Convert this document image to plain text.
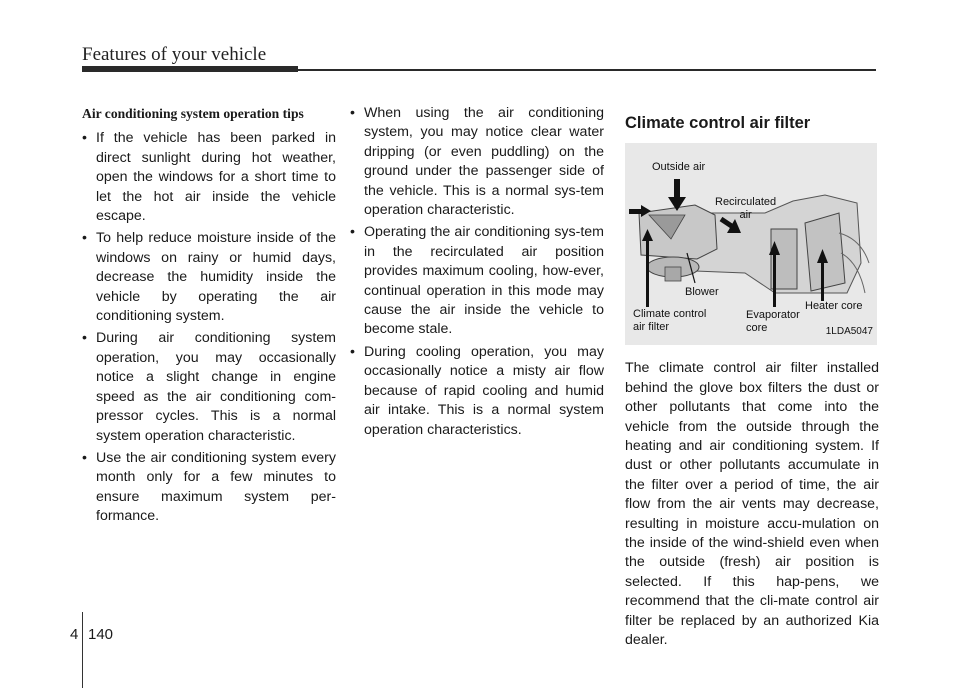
Features of your vehicle
Air conditioning system operation tips
• If the vehicle has been parked in direct sunlight during hot weather, open the windows for a short time to let the hot air inside the vehicle escape.
• To help reduce moisture inside of the windows on rainy or humid days, decrease the humidity inside the vehicle by operating the air conditioning system.
• During air conditioning system operation, you may occasionally notice a slight change in engine speed as the air conditioning com-pressor cycles. This is a normal system operation characteristic.
• Use the air conditioning system every month only for a few minutes to ensure maximum system per-formance.
• When using the air conditioning system, you may notice clear water dripping (or even puddling) on the ground under the passenger side of the vehicle. This is a normal sys-tem operation characteristic.
• Operating the air conditioning sys-tem in the recirculated air position provides maximum cooling, how-ever, continual operation in this mode may cause the air inside the vehicle to become stale.
• During cooling operation, you may occasionally notice a misty air flow because of rapid cooling and humid air intake. This is a normal system operation characteristics.
Climate control air filter
Outside air
Recirculated
air
Blower
Climate control
air filter
Evaporator
core
Heater core
1LDA5047

The climate control air filter installed behind the glove box filters the dust or other pollutants that come into the vehicle from the outside through the heating and air conditioning system. If dust or other pollutants accumulate in the filter over a period of time, the air flow from the air vents may decrease, resulting in moisture accu-mulation on the inside of the wind-shield even when the outside (fresh) air position is selected. If this hap-pens, we recommend that the cli-mate control air filter be replaced by an authorized Kia dealer.

4 140
